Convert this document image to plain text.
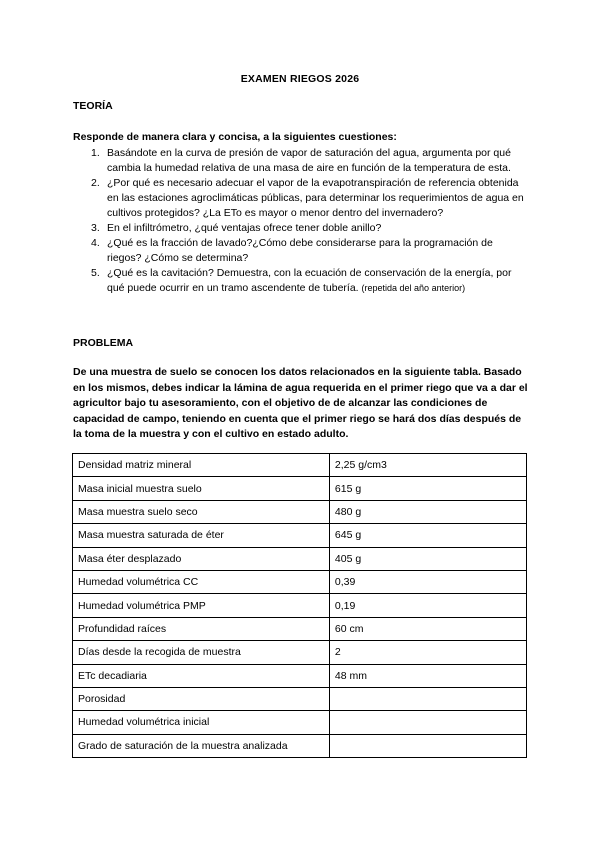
EXAMEN RIEGOS 2026
TEORÍA
Responde de manera clara y concisa, a la siguientes cuestiones:
1. Basándote en la curva de presión de vapor de saturación del agua, argumenta por qué cambia la humedad relativa de una masa de aire en función de la temperatura de esta.
2. ¿Por qué es necesario adecuar el vapor de la evapotranspiración de referencia obtenida en las estaciones agroclimáticas públicas, para determinar los requerimientos de agua en cultivos protegidos? ¿La ETo es mayor o menor dentro del invernadero?
3. En el infiltrómetro, ¿qué ventajas ofrece tener doble anillo?
4. ¿Qué es la fracción de lavado?¿Cómo debe considerarse para la programación de riegos? ¿Cómo se determina?
5. ¿Qué es la cavitación? Demuestra, con la ecuación de conservación de la energía, por qué puede ocurrir en un tramo ascendente de tubería. (repetida del año anterior)
PROBLEMA
De una muestra de suelo se conocen los datos relacionados en la siguiente tabla. Basado en los mismos, debes indicar la lámina de agua requerida en el primer riego que va a dar el agricultor bajo tu asesoramiento, con el objetivo de de alcanzar las condiciones de capacidad de campo, teniendo en cuenta que el primer riego se hará dos días después de la toma de la muestra y con el cultivo en estado adulto.
Densidad matriz mineral	2,25 g/cm3
Masa inicial muestra suelo	615 g
Masa muestra suelo seco	480 g
Masa muestra saturada de éter	645 g
Masa éter desplazado	405 g
Humedad volumétrica CC	0,39
Humedad volumétrica PMP	0,19
Profundidad raíces	60 cm
Días desde la recogida de muestra	2
ETc decadiaria	48 mm
Porosidad	
Humedad volumétrica inicial	
Grado de saturación de la muestra analizada	
